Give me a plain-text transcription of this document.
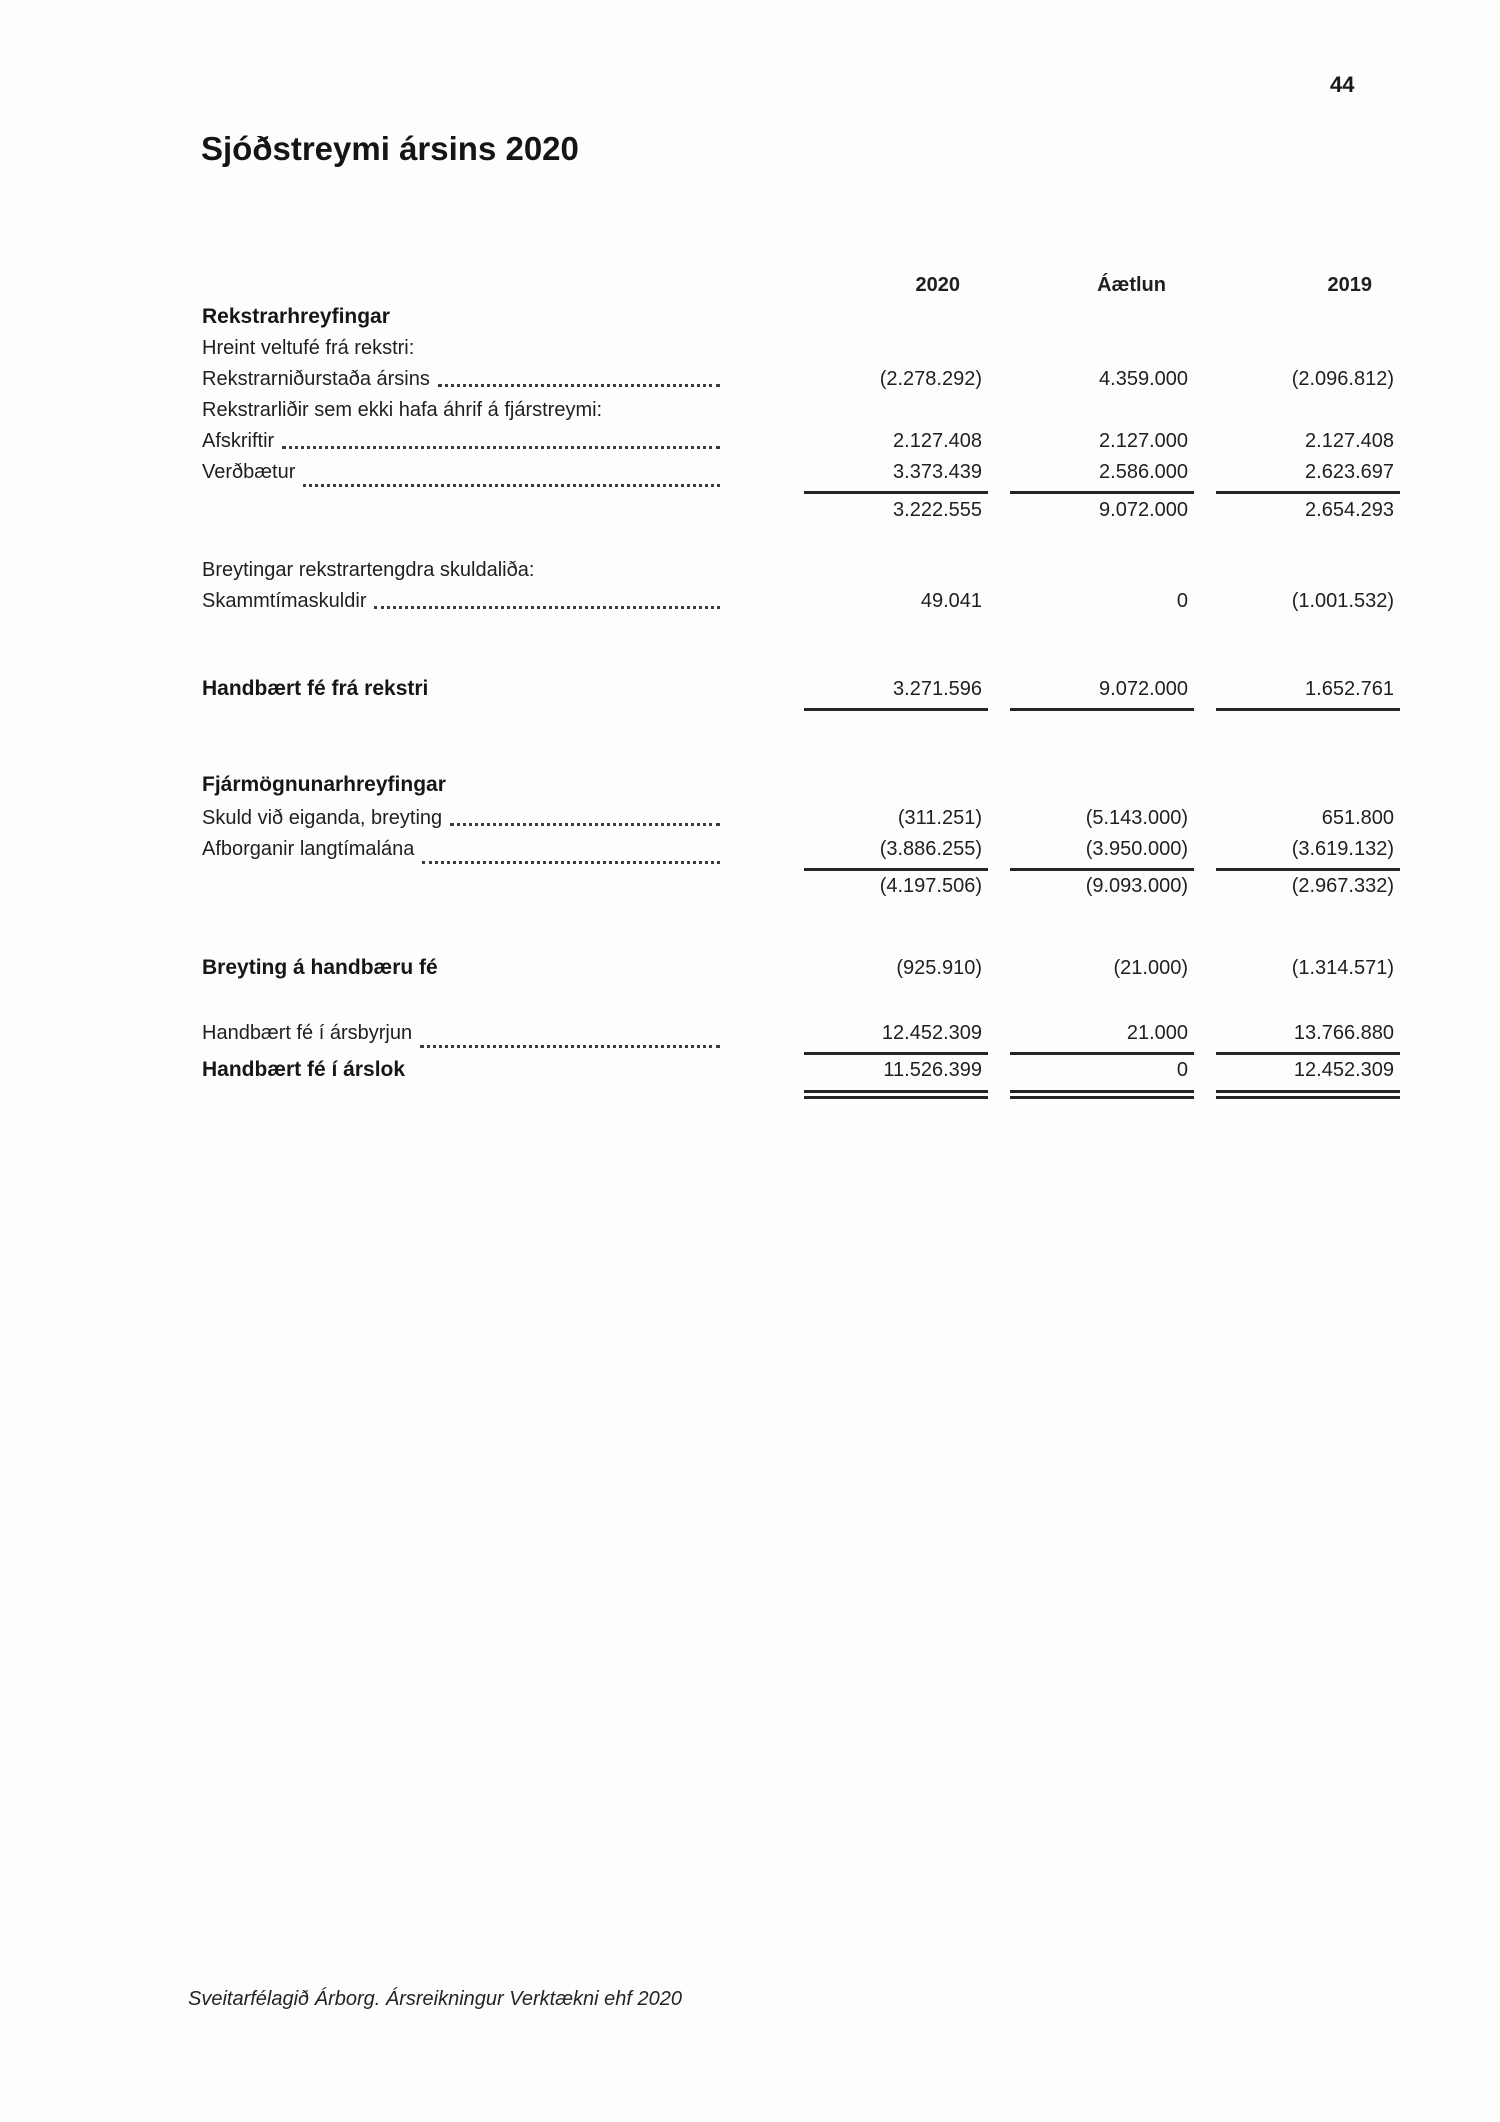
44
Sjóðstreymi ársins 2020
2020	Áætlun	2019
Rekstrarhreyfingar
Hreint veltufé frá rekstri:
Rekstrarniðurstaða ársins	(2.278.292)	4.359.000	(2.096.812)
Rekstrarliðir sem ekki hafa áhrif á fjárstreymi:
Afskriftir	2.127.408	2.127.000	2.127.408
Verðbætur	3.373.439	2.586.000	2.623.697
3.222.555	9.072.000	2.654.293
Breytingar rekstrartengdra skuldaliða:
Skammtímaskuldir	49.041	0	(1.001.532)
Handbært fé frá rekstri	3.271.596	9.072.000	1.652.761
Fjármögnunarhreyfingar
Skuld við eiganda, breyting	(311.251)	(5.143.000)	651.800
Afborganir langtímalána	(3.886.255)	(3.950.000)	(3.619.132)
(4.197.506)	(9.093.000)	(2.967.332)
Breyting á handbæru fé	(925.910)	(21.000)	(1.314.571)
Handbært fé í ársbyrjun	12.452.309	21.000	13.766.880
Handbært fé í árslok	11.526.399	0	12.452.309
Sveitarfélagið Árborg. Ársreikningur Verktækni ehf 2020
